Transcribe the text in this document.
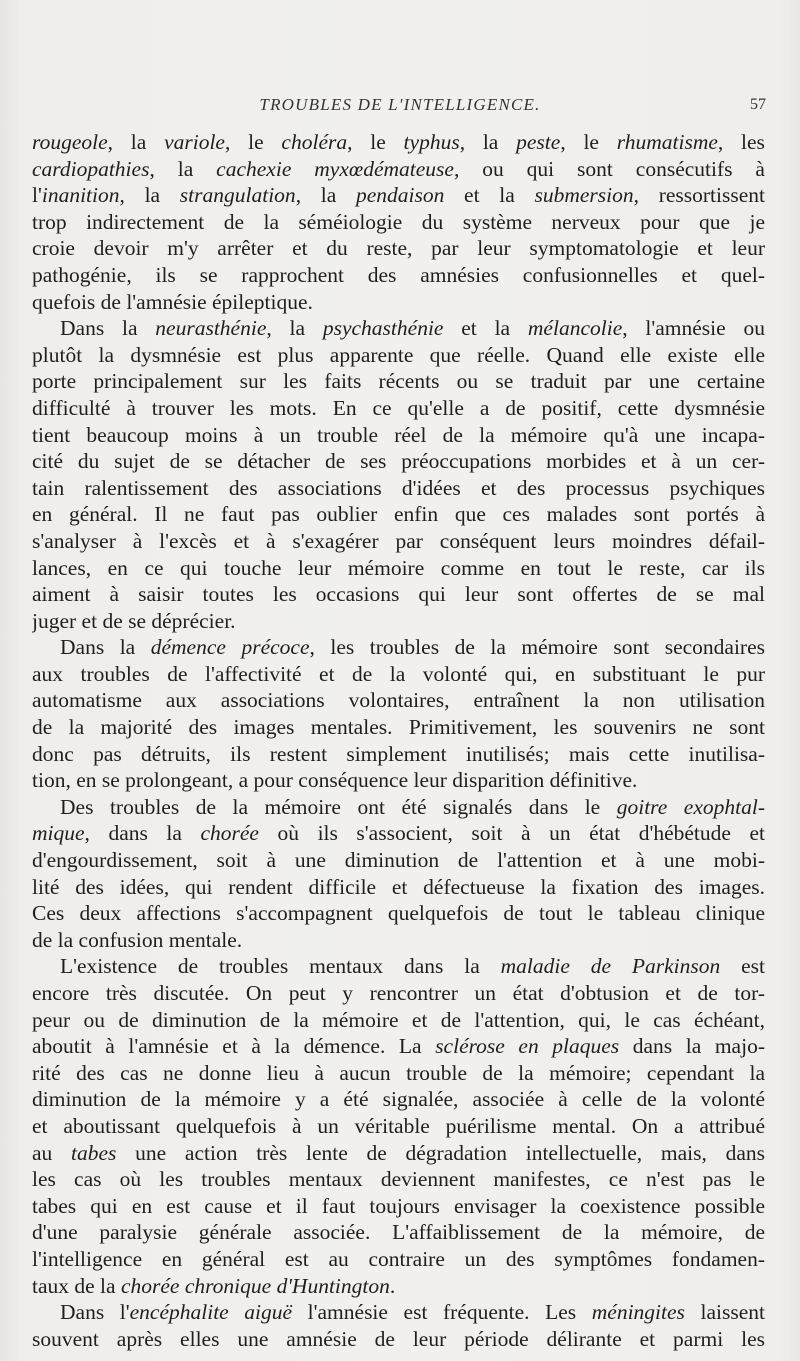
TROUBLES DE L'INTELLIGENCE.	57
rougeole, la variole, le choléra, le typhus, la peste, le rhumatisme, les
cardiopathies, la cachexie myxœdémateuse, ou qui sont consécutifs à
l'inanition, la strangulation, la pendaison et la submersion, ressortissent
trop indirectement de la séméiologie du système nerveux pour que je
croie devoir m'y arrêter et du reste, par leur symptomatologie et leur
pathogénie, ils se rapprochent des amnésies confusionnelles et quel-
quefois de l'amnésie épileptique.
Dans la neurasthénie, la psychasthénie et la mélancolie, l'amnésie ou
plutôt la dysmnésie est plus apparente que réelle. Quand elle existe elle
porte principalement sur les faits récents ou se traduit par une certaine
difficulté à trouver les mots. En ce qu'elle a de positif, cette dysmnésie
tient beaucoup moins à un trouble réel de la mémoire qu'à une incapa-
cité du sujet de se détacher de ses préoccupations morbides et à un cer-
tain ralentissement des associations d'idées et des processus psychiques
en général. Il ne faut pas oublier enfin que ces malades sont portés à
s'analyser à l'excès et à s'exagérer par conséquent leurs moindres défail-
lances, en ce qui touche leur mémoire comme en tout le reste, car ils
aiment à saisir toutes les occasions qui leur sont offertes de se mal
juger et de se déprécier.
Dans la démence précoce, les troubles de la mémoire sont secondaires
aux troubles de l'affectivité et de la volonté qui, en substituant le pur
automatisme aux associations volontaires, entraînent la non utilisation
de la majorité des images mentales. Primitivement, les souvenirs ne sont
donc pas détruits, ils restent simplement inutilisés; mais cette inutilisa-
tion, en se prolongeant, a pour conséquence leur disparition définitive.
Des troubles de la mémoire ont été signalés dans le goitre exophtal-
mique, dans la chorée où ils s'associent, soit à un état d'hébétude et
d'engourdissement, soit à une diminution de l'attention et à une mobi-
lité des idées, qui rendent difficile et défectueuse la fixation des images.
Ces deux affections s'accompagnent quelquefois de tout le tableau clinique
de la confusion mentale.
L'existence de troubles mentaux dans la maladie de Parkinson est
encore très discutée. On peut y rencontrer un état d'obtusion et de tor-
peur ou de diminution de la mémoire et de l'attention, qui, le cas échéant,
aboutit à l'amnésie et à la démence. La sclérose en plaques dans la majo-
rité des cas ne donne lieu à aucun trouble de la mémoire; cependant la
diminution de la mémoire y a été signalée, associée à celle de la volonté
et aboutissant quelquefois à un véritable puérilisme mental. On a attribué
au tabes une action très lente de dégradation intellectuelle, mais, dans
les cas où les troubles mentaux deviennent manifestes, ce n'est pas le
tabes qui en est cause et il faut toujours envisager la coexistence possible
d'une paralysie générale associée. L'affaiblissement de la mémoire, de
l'intelligence en général est au contraire un des symptômes fondamen-
taux de la chorée chronique d'Huntington.
Dans l'encéphalite aiguë l'amnésie est fréquente. Les méningites laissent
souvent après elles une amnésie de leur période délirante et parmi les
